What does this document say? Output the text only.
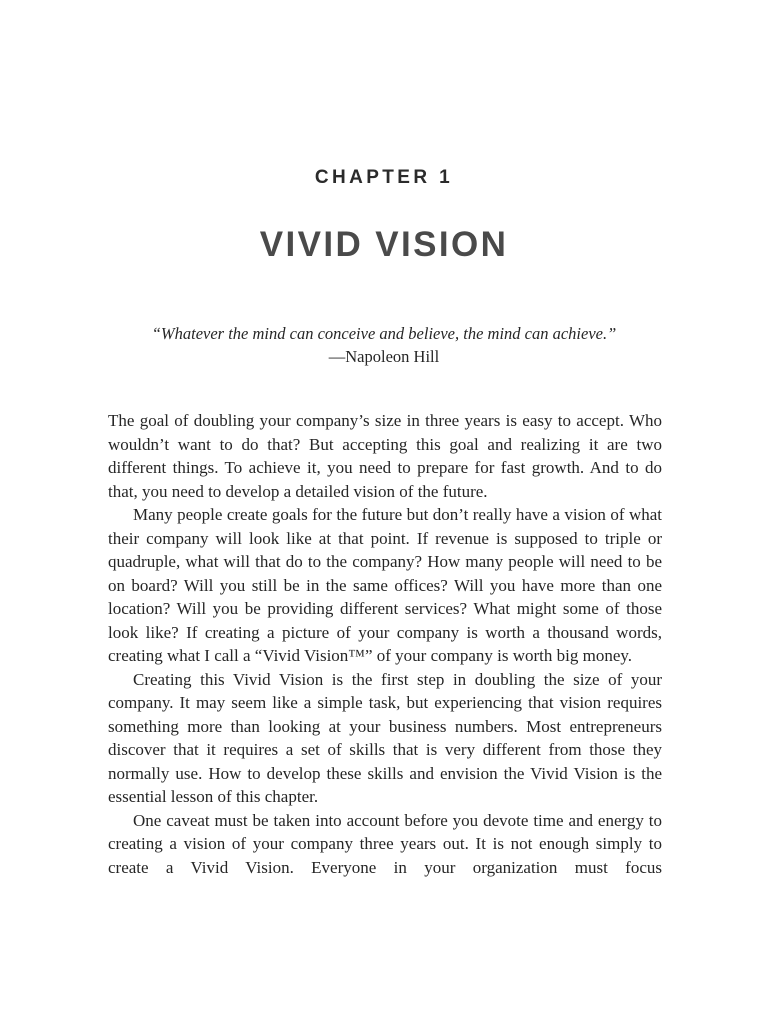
CHAPTER 1
VIVID VISION
“Whatever the mind can conceive and believe, the mind can achieve.”
—Napoleon Hill

The goal of doubling your company’s size in three years is easy to accept. Who wouldn’t want to do that? But accepting this goal and realizing it are two different things. To achieve it, you need to prepare for fast growth. And to do that, you need to develop a detailed vision of the future.

Many people create goals for the future but don’t really have a vision of what their company will look like at that point. If revenue is supposed to triple or quadruple, what will that do to the company? How many people will need to be on board? Will you still be in the same offices? Will you have more than one location? Will you be providing different services? What might some of those look like? If creating a picture of your company is worth a thousand words, creating what I call a “Vivid Vision™” of your company is worth big money.

Creating this Vivid Vision is the first step in doubling the size of your company. It may seem like a simple task, but experiencing that vision requires something more than looking at your business numbers. Most entrepreneurs discover that it requires a set of skills that is very different from those they normally use. How to develop these skills and envision the Vivid Vision is the essential lesson of this chapter.

One caveat must be taken into account before you devote time and energy to creating a vision of your company three years out. It is not enough simply to create a Vivid Vision. Everyone in your organization must focus
